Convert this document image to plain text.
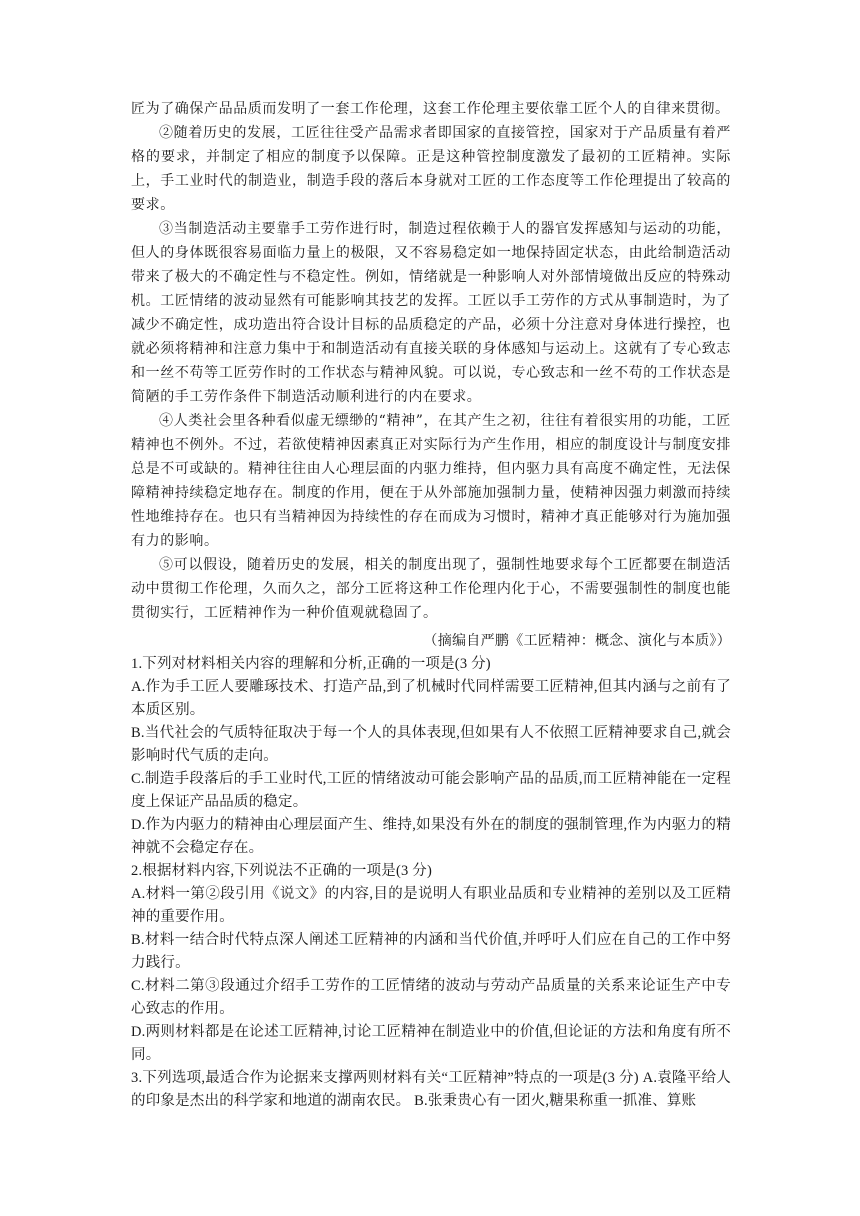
匠为了确保产品品质而发明了一套工作伦理，这套工作伦理主要依靠工匠个人的自律来贯彻。

②随着历史的发展，工匠往往受产品需求者即国家的直接管控，国家对于产品质量有着严格的要求，并制定了相应的制度予以保障。正是这种管控制度激发了最初的工匠精神。实际上，手工业时代的制造业，制造手段的落后本身就对工匠的工作态度等工作伦理提出了较高的要求。

③当制造活动主要靠手工劳作进行时，制造过程依赖于人的器官发挥感知与运动的功能，但人的身体既很容易面临力量上的极限，又不容易稳定如一地保持固定状态，由此给制造活动带来了极大的不确定性与不稳定性。例如，情绪就是一种影响人对外部情境做出反应的特殊动机。工匠情绪的波动显然有可能影响其技艺的发挥。工匠以手工劳作的方式从事制造时，为了减少不确定性，成功造出符合设计目标的品质稳定的产品，必须十分注意对身体进行操控，也就必须将精神和注意力集中于和制造活动有直接关联的身体感知与运动上。这就有了专心致志和一丝不苟等工匠劳作时的工作状态与精神风貌。可以说，专心致志和一丝不苟的工作状态是简陋的手工劳作条件下制造活动顺利进行的内在要求。

④人类社会里各种看似虚无缥缈的“精神”，在其产生之初，往往有着很实用的功能，工匠精神也不例外。不过，若欲使精神因素真正对实际行为产生作用，相应的制度设计与制度安排总是不可或缺的。精神往往由人心理层面的内驱力维持，但内驱力具有高度不确定性，无法保障精神持续稳定地存在。制度的作用，便在于从外部施加强制力量，使精神因强力刺激而持续性地维持存在。也只有当精神因为持续性的存在而成为习惯时，精神才真正能够对行为施加强有力的影响。

⑤可以假设，随着历史的发展，相关的制度出现了，强制性地要求每个工匠都要在制造活动中贯彻工作伦理，久而久之，部分工匠将这种工作伦理内化于心，不需要强制性的制度也能贯彻实行，工匠精神作为一种价值观就稳固了。

（摘编自严鹏《工匠精神：概念、演化与本质》）

1.下列对材料相关内容的理解和分析,正确的一项是(3 分)

A.作为手工匠人要雕琢技术、打造产品,到了机械时代同样需要工匠精神,但其内涵与之前有了本质区别。

B.当代社会的气质特征取决于每一个人的具体表现,但如果有人不依照工匠精神要求自己,就会影响时代气质的走向。

C.制造手段落后的手工业时代,工匠的情绪波动可能会影响产品的品质,而工匠精神能在一定程度上保证产品品质的稳定。

D.作为内驱力的精神由心理层面产生、维持,如果没有外在的制度的强制管理,作为内驱力的精神就不会稳定存在。

2.根据材料内容,下列说法不正确的一项是(3 分)

A.材料一第②段引用《说文》的内容,目的是说明人有职业品质和专业精神的差别以及工匠精神的重要作用。

B.材料一结合时代特点深人阐述工匠精神的内涵和当代价值,并呼吁人们应在自己的工作中努力践行。

C.材料二第③段通过介绍手工劳作的工匠情绪的波动与劳动产品质量的关系来论证生产中专心致志的作用。

D.两则材料都是在论述工匠精神,讨论工匠精神在制造业中的价值,但论证的方法和角度有所不同。

3.下列选项,最适合作为论据来支撑两则材料有关“工匠精神”特点的一项是(3 分) A.袁隆平给人的印象是杰出的科学家和地道的湖南农民。 B.张秉贵心有一团火,糖果称重一抓准、算账
